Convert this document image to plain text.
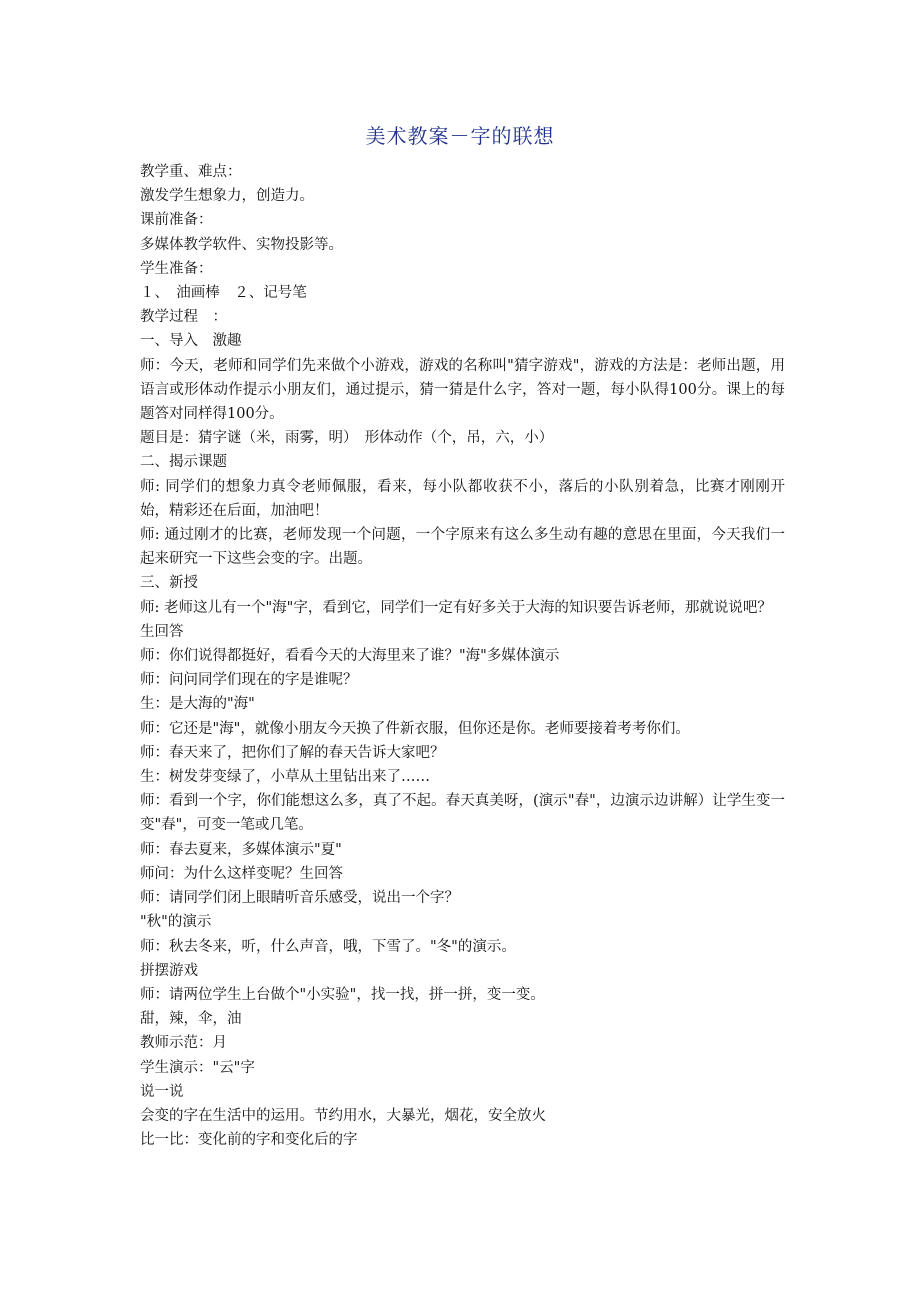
美术教案－字的联想

教学重、难点：

激发学生想象力，创造力。

课前准备：

多媒体教学软件、实物投影等。

学生准备：

１、　油画棒　２、记号笔

教学过程　：

一、导入　激趣

师：今天，老师和同学们先来做个小游戏，游戏的名称叫"猜字游戏"，游戏的方法是：老师出题，用语言或形体动作提示小朋友们，通过提示，猜一猜是什么字，答对一题，每小队得100分。课上的每题答对同样得100分。

题目是：猜字谜（米，雨雾，明）　形体动作（个，吊，六，小）

二、揭示课题

师: 同学们的想象力真令老师佩服，看来，每小队都收获不小，落后的小队别着急，比赛才刚刚开始，精彩还在后面，加油吧！

师: 通过刚才的比赛，老师发现一个问题，一个字原来有这么多生动有趣的意思在里面，今天我们一起来研究一下这些会变的字。出题。

三、新授

师: 老师这儿有一个"海"字，看到它，同学们一定有好多关于大海的知识要告诉老师，那就说说吧？

生回答

师：你们说得都挺好，看看今天的大海里来了谁？"海"多媒体演示

师：问问同学们现在的字是谁呢？

生：是大海的"海"

师：它还是"海"，就像小朋友今天换了件新衣服，但你还是你。老师要接着考考你们。

师：春天来了，把你们了解的春天告诉大家吧？

生：树发芽变绿了，小草从土里钻出来了……

师：看到一个字，你们能想这么多，真了不起。春天真美呀，(演示"春"，边演示边讲解）让学生变一变"春"，可变一笔或几笔。

师：春去夏来，多媒体演示"夏"

师问：为什么这样变呢？生回答

师：请同学们闭上眼睛听音乐感受，说出一个字？

"秋"的演示

师：秋去冬来，听，什么声音，哦，下雪了。"冬"的演示。

拼摆游戏

师：请两位学生上台做个"小实验"，找一找，拼一拼，变一变。

甜，辣，伞，油

教师示范：月

学生演示："云"字

说一说

会变的字在生活中的运用。节约用水，大暴光，烟花，安全放火

比一比：变化前的字和变化后的字
